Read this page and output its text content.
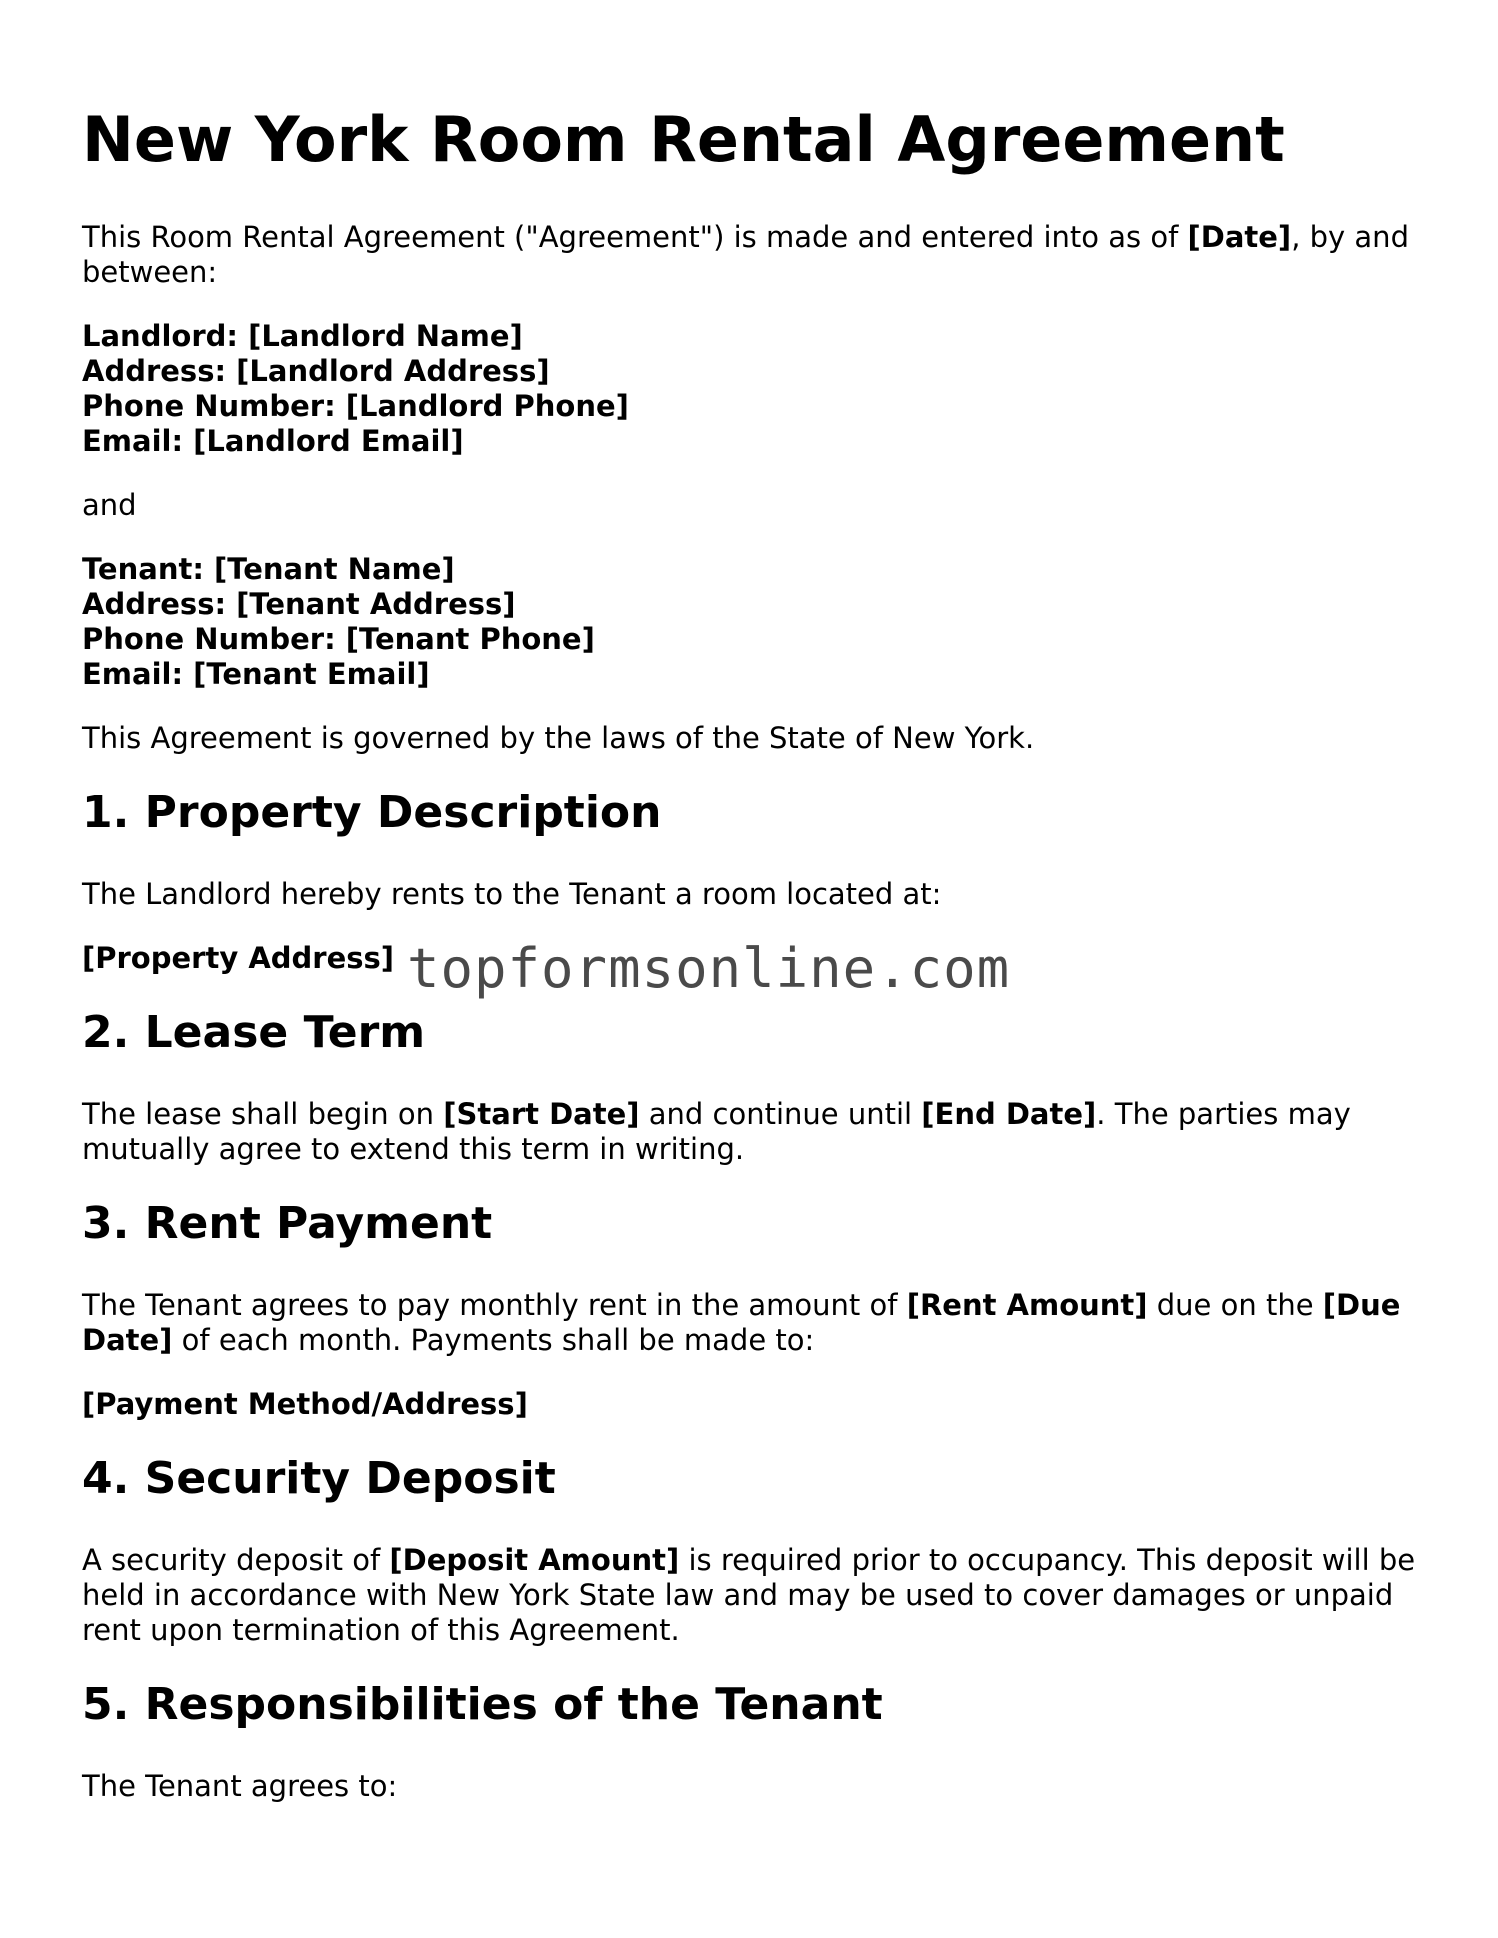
New York Room Rental Agreement

This Room Rental Agreement ("Agreement") is made and entered into as of [Date], by and between:

Landlord: [Landlord Name]

Address: [Landlord Address]

Phone Number: [Landlord Phone]

Email: [Landlord Email]

and

Tenant: [Tenant Name]

Address: [Tenant Address]

Phone Number: [Tenant Phone]

Email: [Tenant Email]

This Agreement is governed by the laws of the State of New York.

1. Property Description

The Landlord hereby rents to the Tenant a room located at:

[Property Address] topformsonline.com
2. Lease Term

The lease shall begin on [Start Date] and continue until [End Date]. The parties may mutually agree to extend this term in writing.

3. Rent Payment

The Tenant agrees to pay monthly rent in the amount of [Rent Amount] due on the [Due Date] of each month. Payments shall be made to:

[Payment Method/Address]

4. Security Deposit

A security deposit of [Deposit Amount] is required prior to occupancy. This deposit will be held in accordance with New York State law and may be used to cover damages or unpaid rent upon termination of this Agreement.

5. Responsibilities of the Tenant

The Tenant agrees to:
